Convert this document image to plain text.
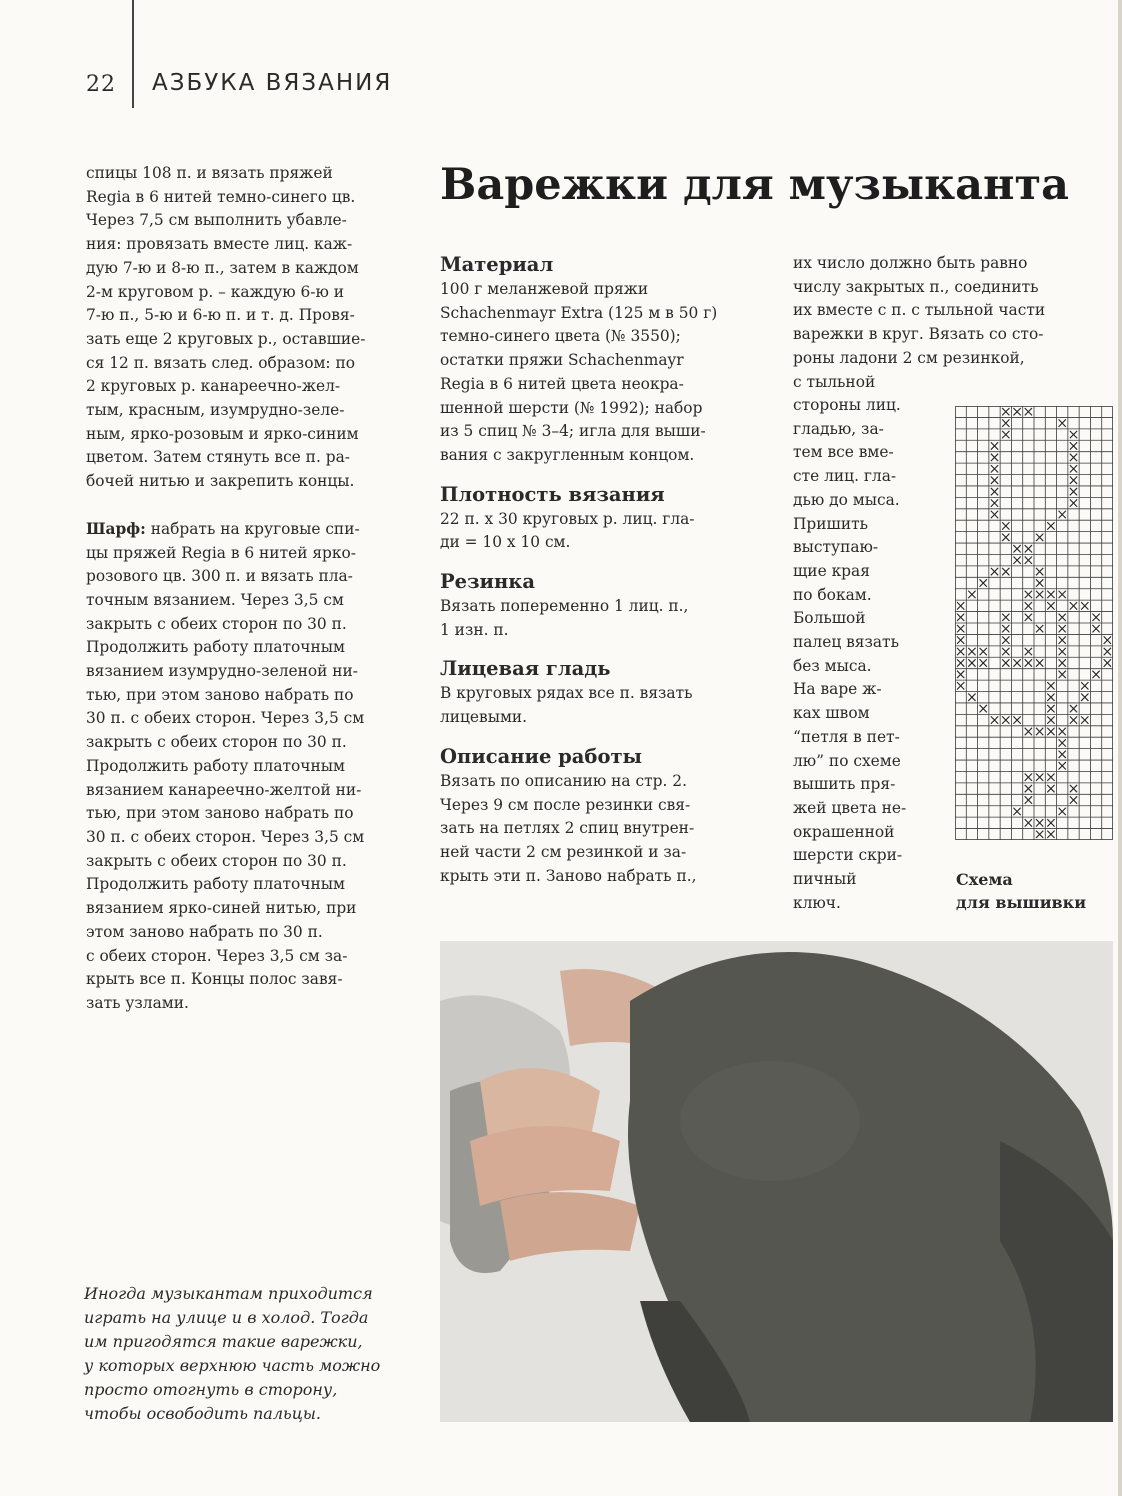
22 АЗБУКА ВЯЗАНИЯ
Варежки для музыканта
спицы 108 п. и вязать пряжей
Regia в 6 нитей темно-синего цв.
Через 7,5 см выполнить убавле-
ния: провязать вместе лиц. каж-
дую 7-ю и 8-ю п., затем в каждом
2-м круговом р. – каждую 6-ю и
7-ю п., 5-ю и 6-ю п. и т. д. Провя-
зать еще 2 круговых р., оставшие-
ся 12 п. вязать след. образом: по
2 круговых р. канареечно-жел-
тым, красным, изумрудно-зеле-
ным, ярко-розовым и ярко-синим
цветом. Затем стянуть все п. ра-
бочей нитью и закрепить концы.
Шарф: набрать на круговые спи-
цы пряжей Regia в 6 нитей ярко-
розового цв. 300 п. и вязать пла-
точным вязанием. Через 3,5 см
закрыть с обеих сторон по 30 п.
Продолжить работу платочным
вязанием изумрудно-зеленой ни-
тью, при этом заново набрать по
30 п. с обеих сторон. Через 3,5 см
закрыть с обеих сторон по 30 п.
Продолжить работу платочным
вязанием канареечно-желтой ни-
тью, при этом заново набрать по
30 п. с обеих сторон. Через 3,5 см
закрыть с обеих сторон по 30 п.
Продолжить работу платочным
вязанием ярко-синей нитью, при
этом заново набрать по 30 п.
с обеих сторон. Через 3,5 см за-
крыть все п. Концы полос завя-
зать узлами.
Материал
100 г меланжевой пряжи
Schachenmayr Extra (125 м в 50 г)
темно-синего цвета (№ 3550);
остатки пряжи Schachenmayr
Regia в 6 нитей цвета неокра-
шенной шерсти (№ 1992); набор
из 5 спиц № 3–4; игла для выши-
вания с закругленным концом.
Плотность вязания
22 п. х 30 круговых р. лиц. гла-
ди = 10 х 10 см.
Резинка
Вязать попеременно 1 лиц. п.,
1 изн. п.
Лицевая гладь
В круговых рядах все п. вязать
лицевыми.
Описание работы
Вязать по описанию на стр. 2.
Через 9 см после резинки свя-
зать на петлях 2 спиц внутрен-
ней части 2 см резинкой и за-
крыть эти п. Заново набрать п.,
их число должно быть равно
числу закрытых п., соединить
их вместе с п. с тыльной части
варежки в круг. Вязать со сто-
роны ладони 2 см резинкой,
с тыльной
стороны лиц.
гладью, за-
тем все вме-
сте лиц. гла-
дью до мыса.
Пришить
выступаю-
щие края
по бокам.
Большой
палец вязать
без мыса.
На варе ж-
ках швом
“петля в пет-
лю” по схеме
вышить пря-
жей цвета не-
окрашенной
шерсти скри-
пичный
ключ.
Схема
для вышивки
Иногда музыкантам приходится
играть на улице и в холод. Тогда
им пригодятся такие варежки,
у которых верхнюю часть можно
просто отогнуть в сторону,
чтобы освободить пальцы.
